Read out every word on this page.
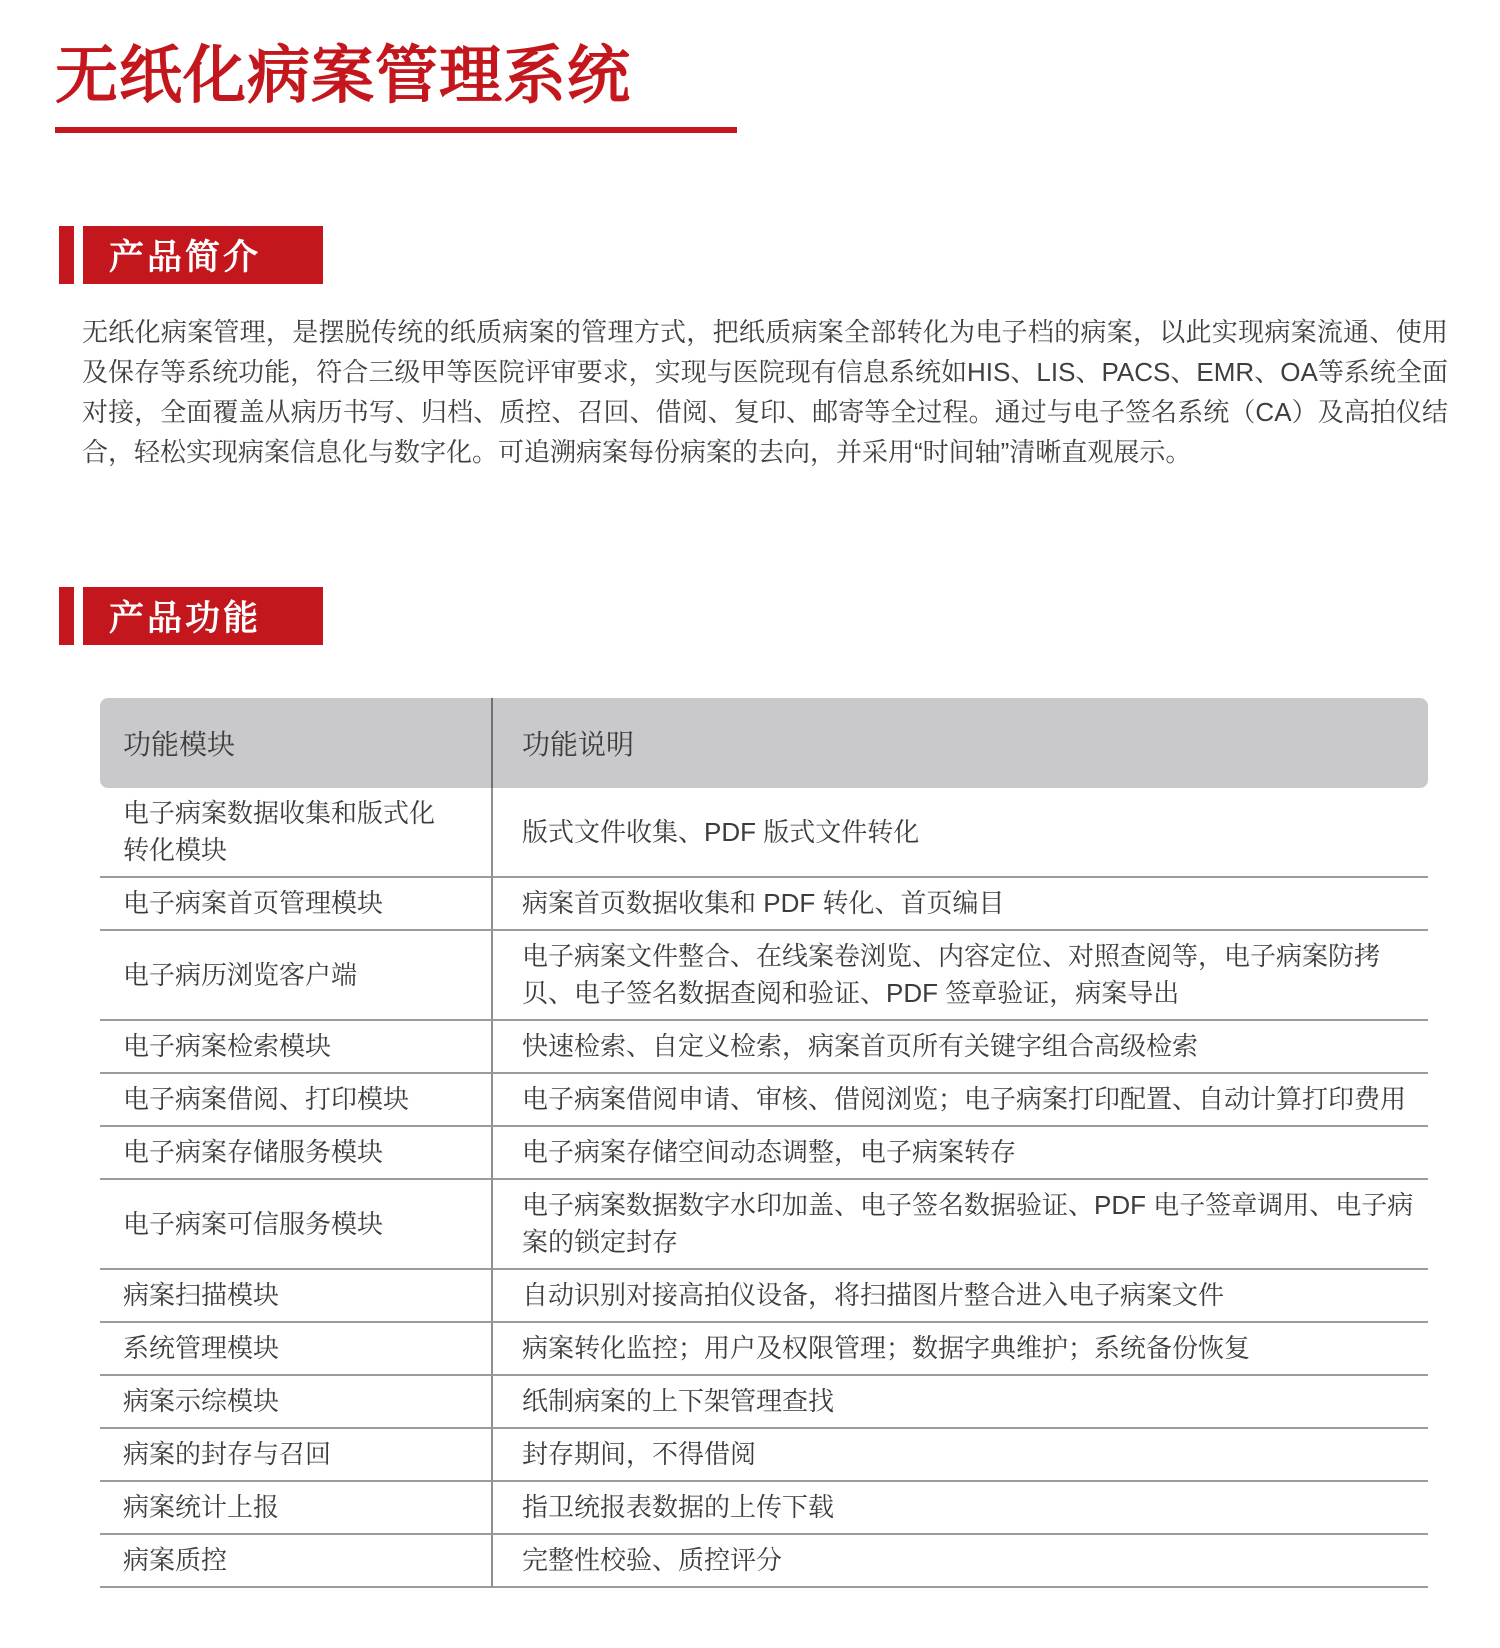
无纸化病案管理系统
产品简介

无纸化病案管理，是摆脱传统的纸质病案的管理方式，把纸质病案全部转化为电子档的病案，以此实现病案流通、使用及保存等系统功能，符合三级甲等医院评审要求，实现与医院现有信息系统如HIS、LIS、PACS、EMR、OA等系统全面对接，全面覆盖从病历书写、归档、质控、召回、借阅、复印、邮寄等全过程。通过与电子签名系统（CA）及高拍仪结合，轻松实现病案信息化与数字化。可追溯病案每份病案的去向，并采用“时间轴”清晰直观展示。

产品功能
功能模块	功能说明
电子病案数据收集和版式化转化模块	版式文件收集、PDF 版式文件转化
电子病案首页管理模块	病案首页数据收集和 PDF 转化、首页编目
电子病历浏览客户端	电子病案文件整合、在线案卷浏览、内容定位、对照查阅等，电子病案防拷贝、电子签名数据查阅和验证、PDF 签章验证，病案导出
电子病案检索模块	快速检索、自定义检索，病案首页所有关键字组合高级检索
电子病案借阅、打印模块	电子病案借阅申请、审核、借阅浏览；电子病案打印配置、自动计算打印费用
电子病案存储服务模块	电子病案存储空间动态调整，电子病案转存
电子病案可信服务模块	电子病案数据数字水印加盖、电子签名数据验证、PDF 电子签章调用、电子病案的锁定封存
病案扫描模块	自动识别对接高拍仪设备，将扫描图片整合进入电子病案文件
系统管理模块	病案转化监控；用户及权限管理；数据字典维护；系统备份恢复
病案示综模块	纸制病案的上下架管理查找
病案的封存与召回	封存期间，不得借阅
病案统计上报	指卫统报表数据的上传下载
病案质控	完整性校验、质控评分
